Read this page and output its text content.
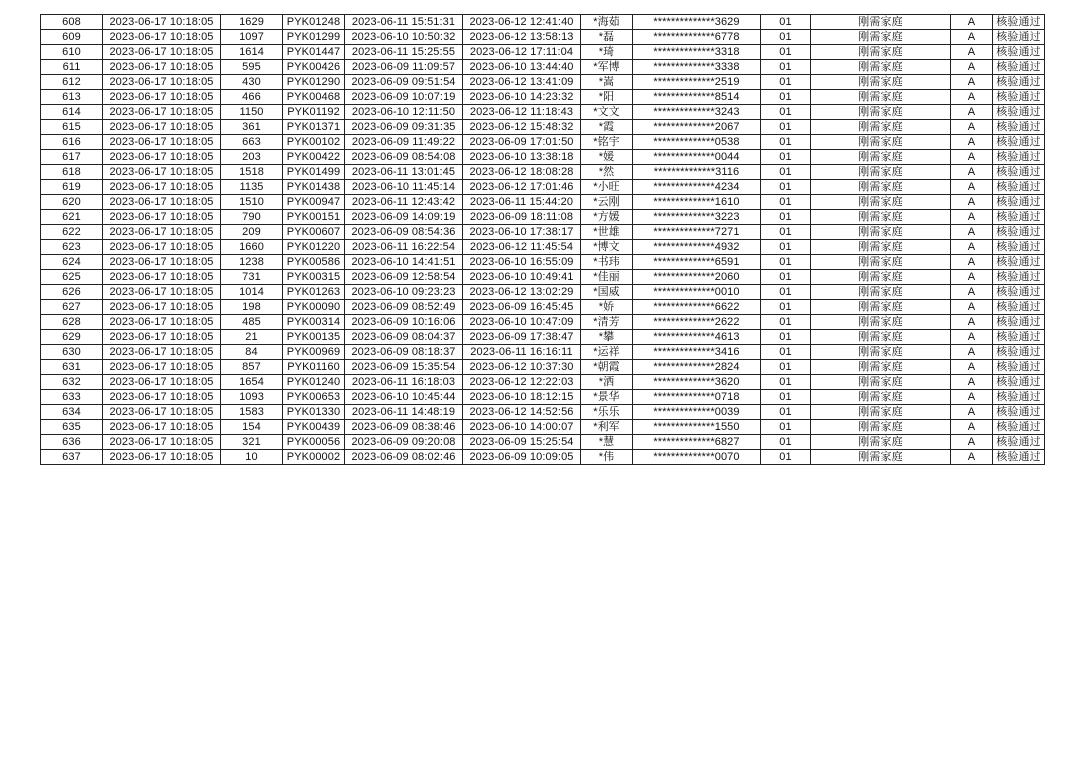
608	2023-06-17 10:18:05	1629	PYK01248	2023-06-11 15:51:31	2023-06-12 12:41:40	*海茹	**************3629	01	刚需家庭	A	核验通过
609	2023-06-17 10:18:05	1097	PYK01299	2023-06-10 10:50:32	2023-06-12 13:58:13	*磊	**************6778	01	刚需家庭	A	核验通过
610	2023-06-17 10:18:05	1614	PYK01447	2023-06-11 15:25:55	2023-06-12 17:11:04	*琦	**************3318	01	刚需家庭	A	核验通过
611	2023-06-17 10:18:05	595	PYK00426	2023-06-09 11:09:57	2023-06-10 13:44:40	*军博	**************3338	01	刚需家庭	A	核验通过
612	2023-06-17 10:18:05	430	PYK01290	2023-06-09 09:51:54	2023-06-12 13:41:09	*嵩	**************2519	01	刚需家庭	A	核验通过
613	2023-06-17 10:18:05	466	PYK00468	2023-06-09 10:07:19	2023-06-10 14:23:32	*阳	**************8514	01	刚需家庭	A	核验通过
614	2023-06-17 10:18:05	1150	PYK01192	2023-06-10 12:11:50	2023-06-12 11:18:43	*文文	**************3243	01	刚需家庭	A	核验通过
615	2023-06-17 10:18:05	361	PYK01371	2023-06-09 09:31:35	2023-06-12 15:48:32	*霞	**************2067	01	刚需家庭	A	核验通过
616	2023-06-17 10:18:05	663	PYK00102	2023-06-09 11:49:22	2023-06-09 17:01:50	*铭宇	**************0538	01	刚需家庭	A	核验通过
617	2023-06-17 10:18:05	203	PYK00422	2023-06-09 08:54:08	2023-06-10 13:38:18	*媛	**************0044	01	刚需家庭	A	核验通过
618	2023-06-17 10:18:05	1518	PYK01499	2023-06-11 13:01:45	2023-06-12 18:08:28	*然	**************3116	01	刚需家庭	A	核验通过
619	2023-06-17 10:18:05	1135	PYK01438	2023-06-10 11:45:14	2023-06-12 17:01:46	*小旺	**************4234	01	刚需家庭	A	核验通过
620	2023-06-17 10:18:05	1510	PYK00947	2023-06-11 12:43:42	2023-06-11 15:44:20	*云刚	**************1610	01	刚需家庭	A	核验通过
621	2023-06-17 10:18:05	790	PYK00151	2023-06-09 14:09:19	2023-06-09 18:11:08	*方媛	**************3223	01	刚需家庭	A	核验通过
622	2023-06-17 10:18:05	209	PYK00607	2023-06-09 08:54:36	2023-06-10 17:38:17	*世雄	**************7271	01	刚需家庭	A	核验通过
623	2023-06-17 10:18:05	1660	PYK01220	2023-06-11 16:22:54	2023-06-12 11:45:54	*博文	**************4932	01	刚需家庭	A	核验通过
624	2023-06-17 10:18:05	1238	PYK00586	2023-06-10 14:41:51	2023-06-10 16:55:09	*书玮	**************6591	01	刚需家庭	A	核验通过
625	2023-06-17 10:18:05	731	PYK00315	2023-06-09 12:58:54	2023-06-10 10:49:41	*佳丽	**************2060	01	刚需家庭	A	核验通过
626	2023-06-17 10:18:05	1014	PYK01263	2023-06-10 09:23:23	2023-06-12 13:02:29	*国威	**************0010	01	刚需家庭	A	核验通过
627	2023-06-17 10:18:05	198	PYK00090	2023-06-09 08:52:49	2023-06-09 16:45:45	*娇	**************6622	01	刚需家庭	A	核验通过
628	2023-06-17 10:18:05	485	PYK00314	2023-06-09 10:16:06	2023-06-10 10:47:09	*清芳	**************2622	01	刚需家庭	A	核验通过
629	2023-06-17 10:18:05	21	PYK00135	2023-06-09 08:04:37	2023-06-09 17:38:47	*攀	**************4613	01	刚需家庭	A	核验通过
630	2023-06-17 10:18:05	84	PYK00969	2023-06-09 08:18:37	2023-06-11 16:16:11	*运祥	**************3416	01	刚需家庭	A	核验通过
631	2023-06-17 10:18:05	857	PYK01160	2023-06-09 15:35:54	2023-06-12 10:37:30	*朝霞	**************2824	01	刚需家庭	A	核验通过
632	2023-06-17 10:18:05	1654	PYK01240	2023-06-11 16:18:03	2023-06-12 12:22:03	*洒	**************3620	01	刚需家庭	A	核验通过
633	2023-06-17 10:18:05	1093	PYK00653	2023-06-10 10:45:44	2023-06-10 18:12:15	*景华	**************0718	01	刚需家庭	A	核验通过
634	2023-06-17 10:18:05	1583	PYK01330	2023-06-11 14:48:19	2023-06-12 14:52:56	*乐乐	**************0039	01	刚需家庭	A	核验通过
635	2023-06-17 10:18:05	154	PYK00439	2023-06-09 08:38:46	2023-06-10 14:00:07	*利军	**************1550	01	刚需家庭	A	核验通过
636	2023-06-17 10:18:05	321	PYK00056	2023-06-09 09:20:08	2023-06-09 15:25:54	*慧	**************6827	01	刚需家庭	A	核验通过
637	2023-06-17 10:18:05	10	PYK00002	2023-06-09 08:02:46	2023-06-09 10:09:05	*伟	**************0070	01	刚需家庭	A	核验通过
